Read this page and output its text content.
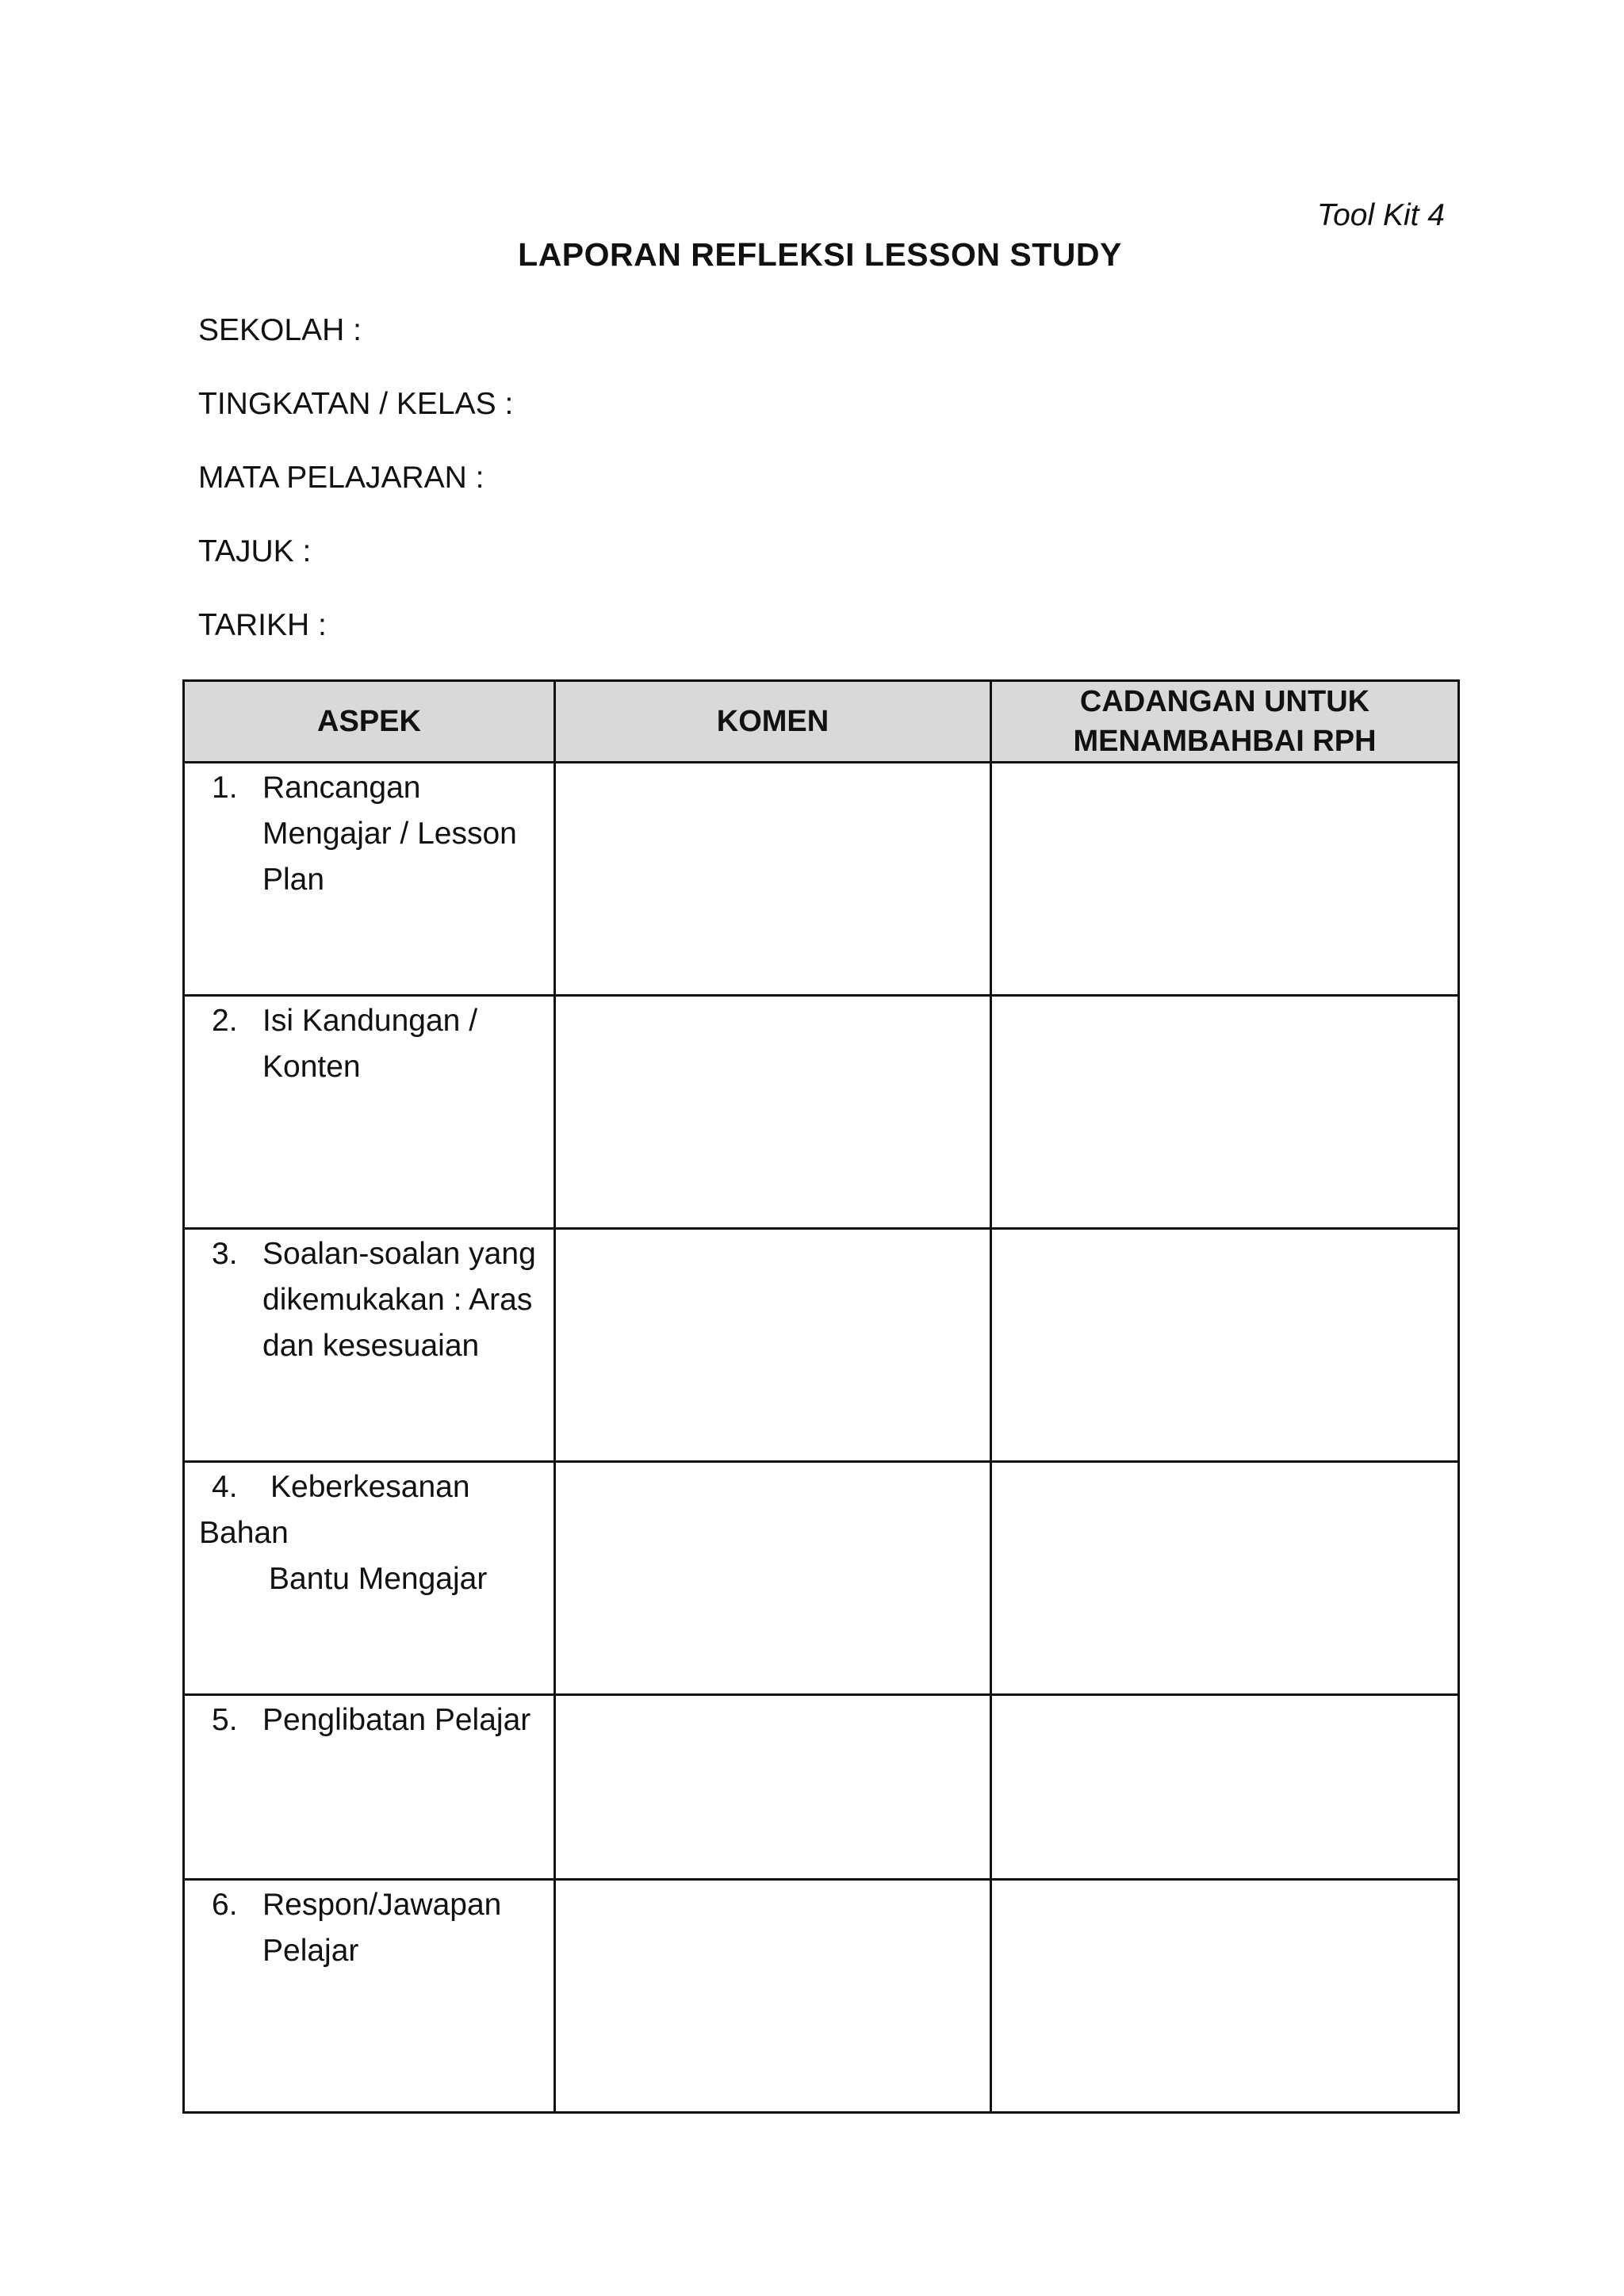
Tool Kit 4
LAPORAN REFLEKSI LESSON STUDY
SEKOLAH :
TINGKATAN / KELAS :
MATA PELAJARAN :
TAJUK :
TARIKH :
ASPEK	KOMEN	CADANGAN UNTUK
MENAMBAHBAI RPH

1. Rancangan
Mengajar / Lesson
Plan		

2. Isi Kandungan /
Konten		

3. Soalan-soalan yang
dikemukakan : Aras
dan kesesuaian		

4. Keberkesanan
Bahan
Bantu Mengajar		

5. Penglibatan Pelajar		

6. Respon/Jawapan
Pelajar		
